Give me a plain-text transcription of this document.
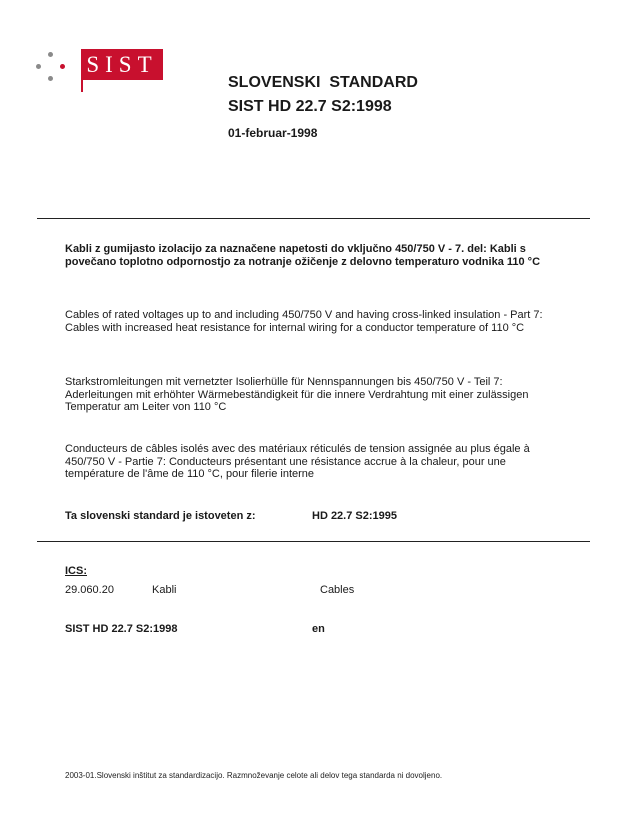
SIST
SLOVENSKI  STANDARD
SIST HD 22.7 S2:1998
01-februar-1998
Kabli z gumijasto izolacijo za naznačene napetosti do vključno 450/750 V - 7. del: Kabli s povečano toplotno odpornostjo za notranje ožičenje z delovno temperaturo vodnika 110 °C
Cables of rated voltages up to and including 450/750 V and having cross-linked insulation - Part 7: Cables with increased heat resistance for internal wiring for a conductor temperature of 110 °C
Starkstromleitungen mit vernetzter Isolierhülle für Nennspannungen bis 450/750 V - Teil 7: Aderleitungen mit erhöhter Wärmebeständigkeit für die innere Verdrahtung mit einer zulässigen Temperatur am Leiter von 110 °C
Conducteurs de câbles isolés avec des matériaux réticulés de tension assignée au plus égale à 450/750 V - Partie 7: Conducteurs présentant une résistance accrue à la chaleur, pour une température de l'âme de 110 °C, pour filerie interne
Ta slovenski standard je istoveten z:	HD 22.7 S2:1995
ICS:
29.060.20	Kabli	Cables
SIST HD 22.7 S2:1998	en
2003-01.Slovenski inštitut za standardizacijo. Razmnoževanje celote ali delov tega standarda ni dovoljeno.
